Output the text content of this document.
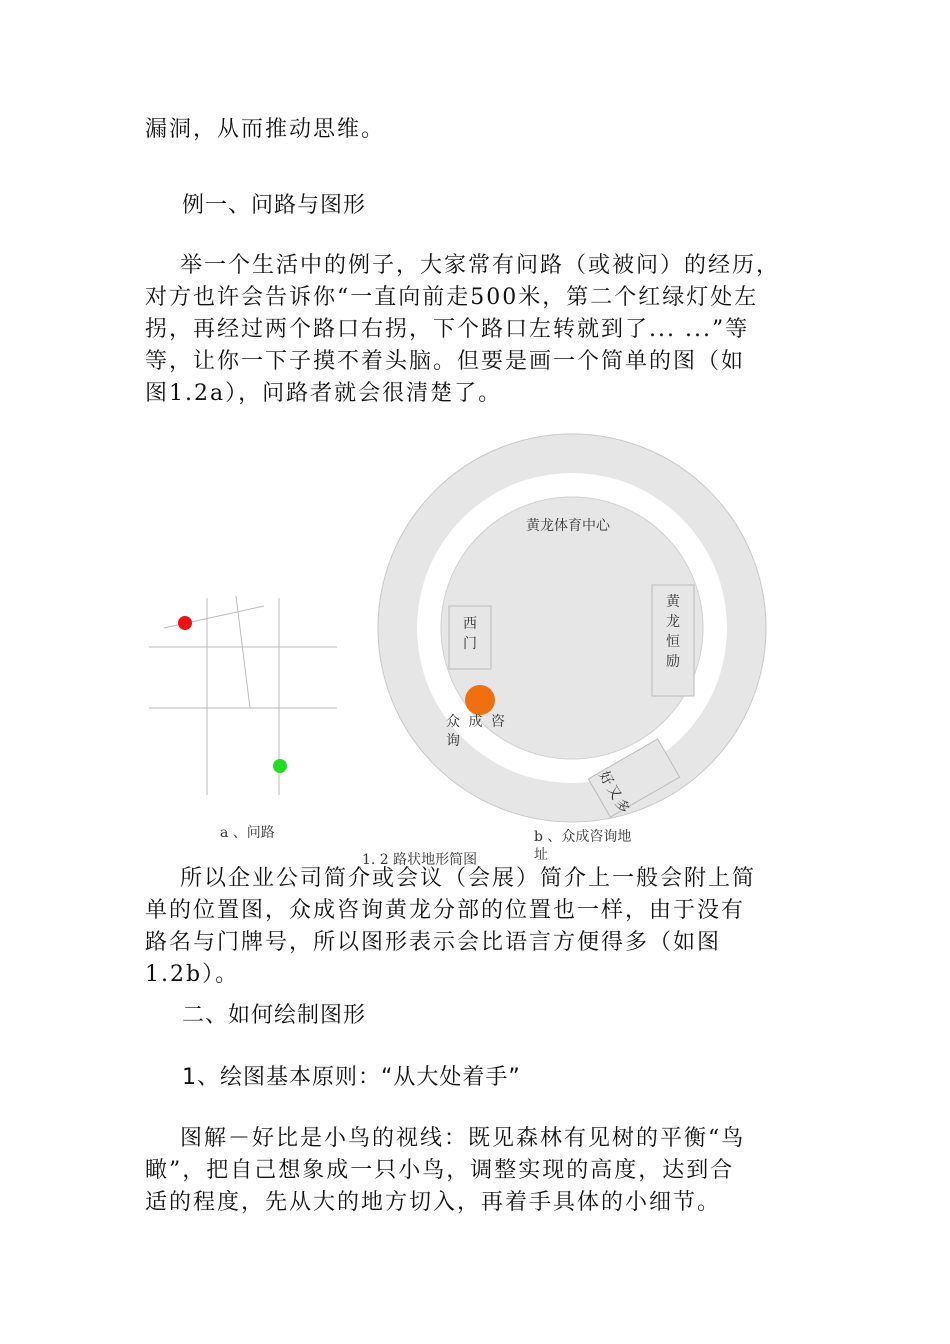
漏洞，从而推动思维。
例一、问路与图形
举一个生活中的例子，大家常有问路（或被问）的经历，
对方也许会告诉你“一直向前走500米，第二个红绿灯处左
拐，再经过两个路口右拐，下个路口左转就到了... ...”等
等，让你一下子摸不着头脑。但要是画一个简单的图（如
图1.2a），问路者就会很清楚了。
黄龙体育中心
西
门
黄
龙
恒
励
众 成 咨
询
好又多
a 、问路	b 、众成咨询地
址
1. 2 路状地形简图
所以企业公司简介或会议（会展）简介上一般会附上简
单的位置图，众成咨询黄龙分部的位置也一样，由于没有
路名与门牌号，所以图形表示会比语言方便得多（如图
1.2b）。
二、如何绘制图形
1、绘图基本原则：“从大处着手”
图解－好比是小鸟的视线：既见森林有见树的平衡“鸟
瞰”，把自己想象成一只小鸟，调整实现的高度，达到合
适的程度，先从大的地方切入，再着手具体的小细节。
